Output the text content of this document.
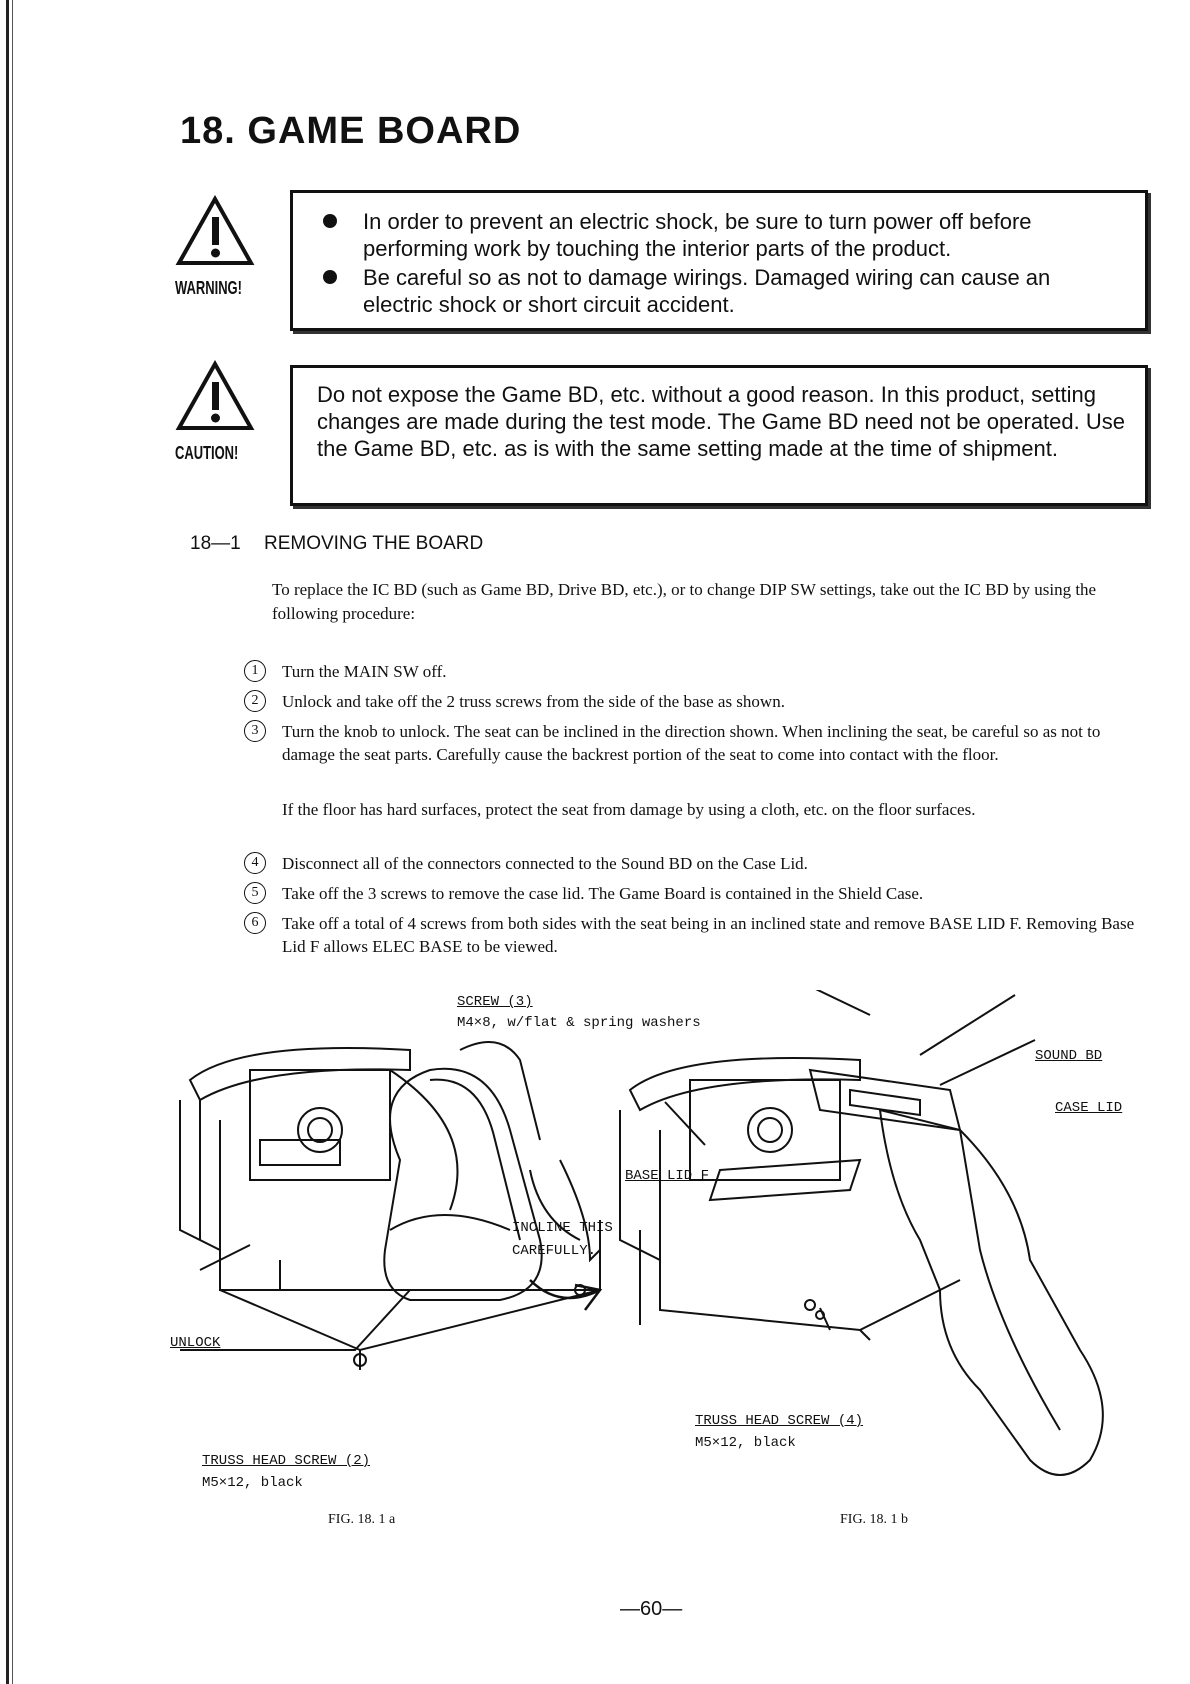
18. GAME BOARD
WARNING!
In order to prevent an electric shock, be sure to turn power off before performing work by touching the interior parts of the product.
Be careful so as not to damage wirings. Damaged wiring can cause an electric shock or short circuit accident.
CAUTION!
Do not expose the Game BD, etc. without a good reason. In this product, setting changes are made during the test mode. The Game BD need not be operated. Use the Game BD, etc. as is with the same setting made at the time of shipment.
18—1 REMOVING THE BOARD
To replace the IC BD (such as Game BD, Drive BD, etc.), or to change DIP SW settings, take out the IC BD by using the following procedure:
1	Turn the MAIN SW off.
2	Unlock and take off the 2 truss screws from the side of the base as shown.
3	Turn the knob to unlock. The seat can be inclined in the direction shown. When inclining the seat, be careful so as not to damage the seat parts. Carefully cause the backrest portion of the seat to come into contact with the floor.
If the floor has hard surfaces, protect the seat from damage by using a cloth, etc. on the floor surfaces.
4	Disconnect all of the connectors connected to the Sound BD on the Case Lid.
5	Take off the 3 screws to remove the case lid. The Game Board is contained in the Shield Case.
6	Take off a total of 4 screws from both sides with the seat being in an inclined state and remove BASE LID F. Removing Base Lid F allows ELEC BASE to be viewed.
SCREW (3)
M4×8, w/flat & spring washers
SOUND BD
CASE LID
BASE LID F
INCLINE THIS
CAREFULLY.
UNLOCK
TRUSS HEAD SCREW (2)
M5×12, black
TRUSS HEAD SCREW (4)
M5×12, black
FIG. 18. 1 a	FIG. 18. 1 b
—60—
